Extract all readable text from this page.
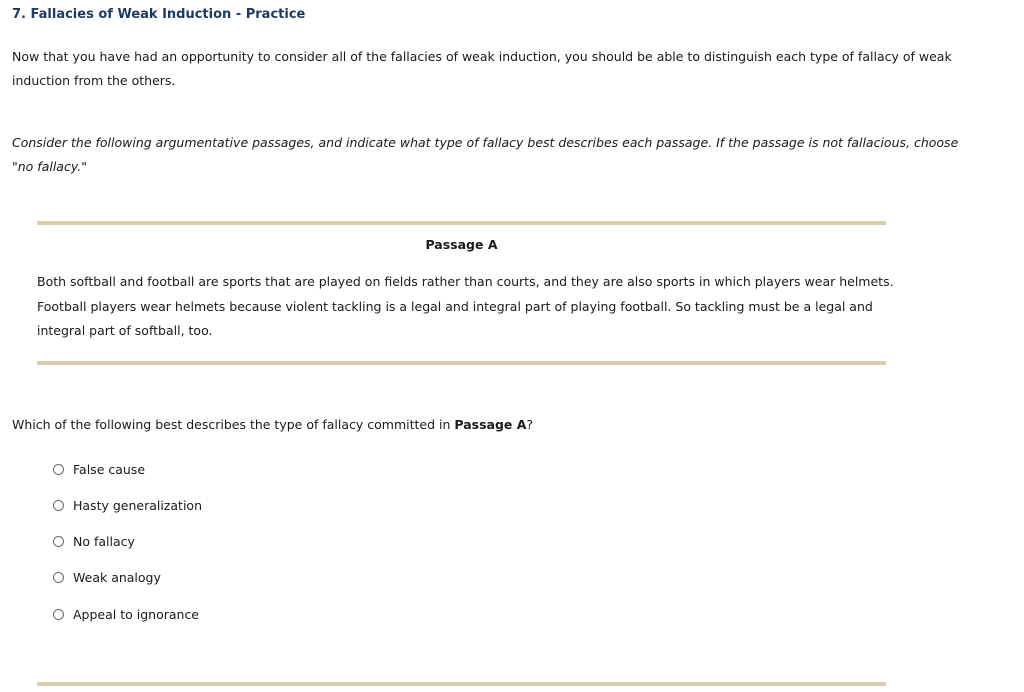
7. Fallacies of Weak Induction - Practice

Now that you have had an opportunity to consider all of the fallacies of weak induction, you should be able to distinguish each type of fallacy of weak induction from the others.

Consider the following argumentative passages, and indicate what type of fallacy best describes each passage. If the passage is not fallacious, choose "no fallacy."

Passage A

Both softball and football are sports that are played on fields rather than courts, and they are also sports in which players wear helmets. Football players wear helmets because violent tackling is a legal and integral part of playing football. So tackling must be a legal and integral part of softball, too.

Which of the following best describes the type of fallacy committed in Passage A?

False cause
Hasty generalization
No fallacy
Weak analogy
Appeal to ignorance
